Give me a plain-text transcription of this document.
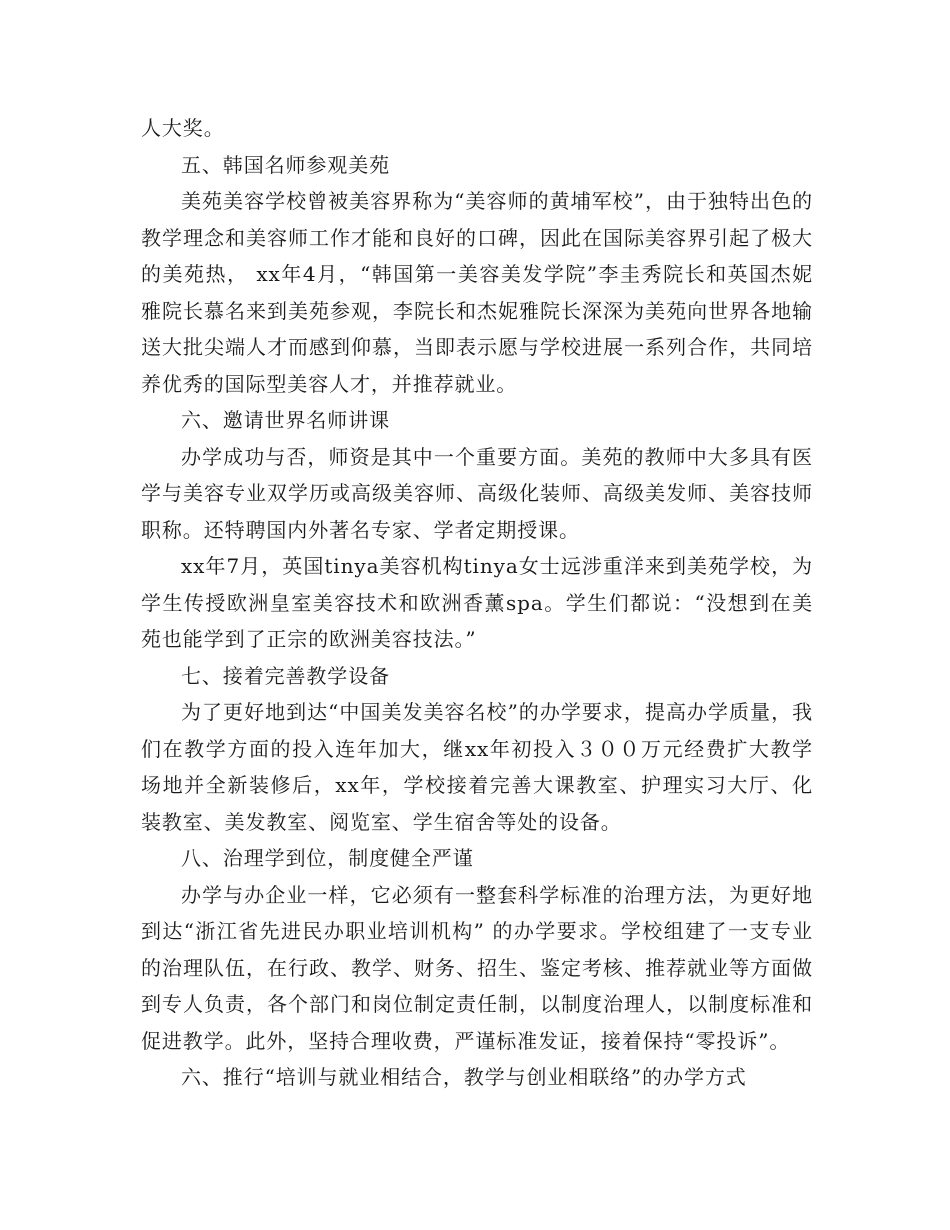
人大奖。

五、韩国名师参观美苑

美苑美容学校曾被美容界称为“美容师的黄埔军校”，由于独特出色的教学理念和美容师工作才能和良好的口碑，因此在国际美容界引起了极大的美苑热， xx年4月，“韩国第一美容美发学院”李圭秀院长和英国杰妮雅院长慕名来到美苑参观，李院长和杰妮雅院长深深为美苑向世界各地输送大批尖端人才而感到仰慕，当即表示愿与学校进展一系列合作，共同培养优秀的国际型美容人才，并推荐就业。

六、邀请世界名师讲课

办学成功与否，师资是其中一个重要方面。美苑的教师中大多具有医学与美容专业双学历或高级美容师、高级化装师、高级美发师、美容技师职称。还特聘国内外著名专家、学者定期授课。

xx年7月，英国tinya美容机构tinya女士远涉重洋来到美苑学校，为学生传授欧洲皇室美容技术和欧洲香薰spa。学生们都说：“没想到在美苑也能学到了正宗的欧洲美容技法。”

七、接着完善教学设备

为了更好地到达“中国美发美容名校”的办学要求，提高办学质量，我们在教学方面的投入连年加大，继xx年初投入３００万元经费扩大教学场地并全新装修后，xx年，学校接着完善大课教室、护理实习大厅、化装教室、美发教室、阅览室、学生宿舍等处的设备。

八、治理学到位，制度健全严谨

办学与办企业一样，它必须有一整套科学标准的治理方法，为更好地到达“浙江省先进民办职业培训机构” 的办学要求。学校组建了一支专业的治理队伍，在行政、教学、财务、招生、鉴定考核、推荐就业等方面做到专人负责，各个部门和岗位制定责任制，以制度治理人，以制度标准和促进教学。此外，坚持合理收费，严谨标准发证，接着保持“零投诉”。

六、推行“培训与就业相结合，教学与创业相联络”的办学方式
